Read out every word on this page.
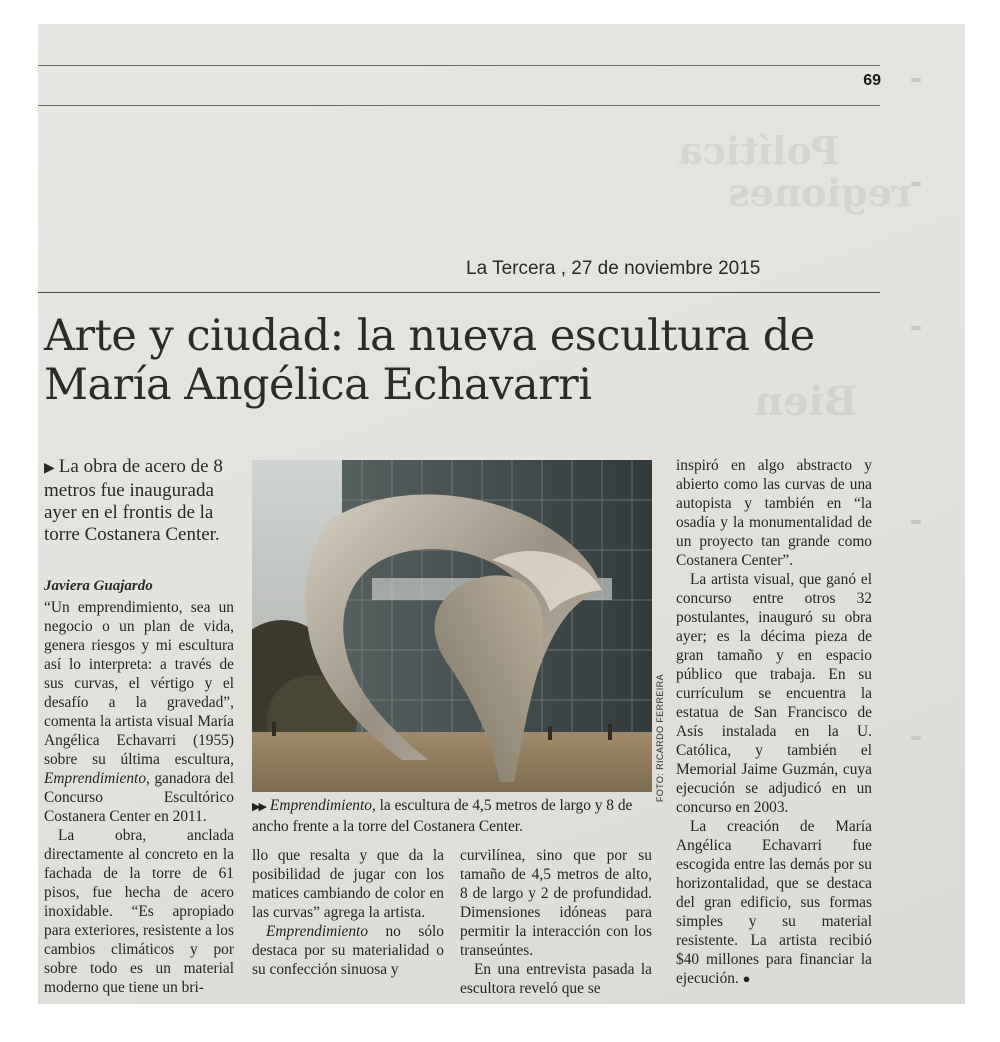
69
Política
regiones
Bien
La Tercera , 27 de noviembre 2015
Arte y ciudad: la nueva escultura de María Angélica Echavarri
▶ La obra de acero de 8 metros fue inaugurada ayer en el frontis de la torre Costanera Center.
Javiera Guajardo

“Un emprendimiento, sea un negocio o un plan de vida, genera riesgos y mi escultura así lo interpreta: a través de sus curvas, el vértigo y el desafío a la gravedad”, comenta la artista visual María Angélica Echavarri (1955) sobre su última escultura, Emprendimiento, ganadora del Concurso Escultórico Costanera Center en 2011.

La obra, anclada directamente al concreto en la fachada de la torre de 61 pisos, fue hecha de acero inoxidable. “Es apropiado para exteriores, resistente a los cambios climáticos y por sobre todo es un material moderno que tiene un bri-

FOTO: RICARDO FERREIRA
▶▶ Emprendimiento, la escultura de 4,5 metros de largo y 8 de ancho frente a la torre del Costanera Center.

llo que resalta y que da la posibilidad de jugar con los matices cambiando de color en las curvas” agrega la artista.

Emprendimiento no sólo destaca por su materialidad o su confección sinuosa y

curvilínea, sino que por su tamaño de 4,5 metros de alto, 8 de largo y 2 de profundidad. Dimensiones idóneas para permitir la interacción con los transeúntes.

En una entrevista pasada la escultora reveló que se

inspiró en algo abstracto y abierto como las curvas de una autopista y también en “la osadía y la monumentalidad de un proyecto tan grande como Costanera Center”.

La artista visual, que ganó el concurso entre otros 32 postulantes, inauguró su obra ayer; es la décima pieza de gran tamaño y en espacio público que trabaja. En su currículum se encuentra la estatua de San Francisco de Asís instalada en la U. Católica, y también el Memorial Jaime Guzmán, cuya ejecución se adjudicó en un concurso en 2003.

La creación de María Angélica Echavarri fue escogida entre las demás por su horizontalidad, que se destaca del gran edificio, sus formas simples y su material resistente. La artista recibió $40 millones para financiar la ejecución. ●
